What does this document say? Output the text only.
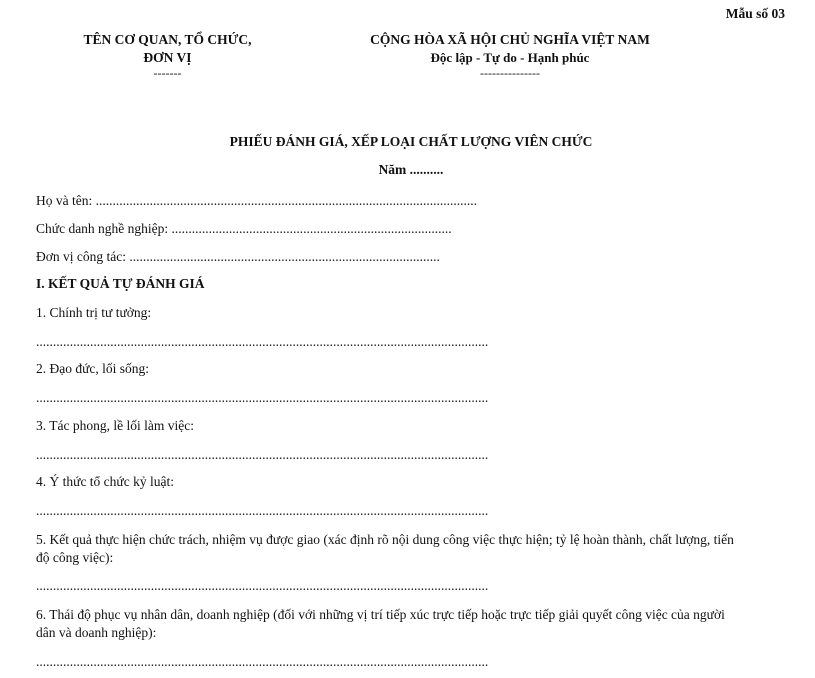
Mẫu số 03
TÊN CƠ QUAN, TỔ CHỨC,
ĐƠN VỊ
-------
CỘNG HÒA XÃ HỘI CHỦ NGHĨA VIỆT NAM
Độc lập - Tự do - Hạnh phúc
---------------
PHIẾU ĐÁNH GIÁ, XẾP LOẠI CHẤT LƯỢNG VIÊN CHỨC
Năm ..........
Họ và tên: .................................................................................................................
Chức danh nghề nghiệp: ...................................................................................
Đơn vị công tác: ............................................................................................
I. KẾT QUẢ TỰ ĐÁNH GIÁ
1. Chính trị tư tưởng:
......................................................................................................................................
2. Đạo đức, lối sống:
......................................................................................................................................
3. Tác phong, lề lối làm việc:
......................................................................................................................................
4. Ý thức tổ chức kỷ luật:
......................................................................................................................................
5. Kết quả thực hiện chức trách, nhiệm vụ được giao (xác định rõ nội dung công việc thực hiện; tỷ lệ hoàn thành, chất lượng, tiến
độ công việc):
......................................................................................................................................
6. Thái độ phục vụ nhân dân, doanh nghiệp (đối với những vị trí tiếp xúc trực tiếp hoặc trực tiếp giải quyết công việc của người
dân và doanh nghiệp):
......................................................................................................................................
